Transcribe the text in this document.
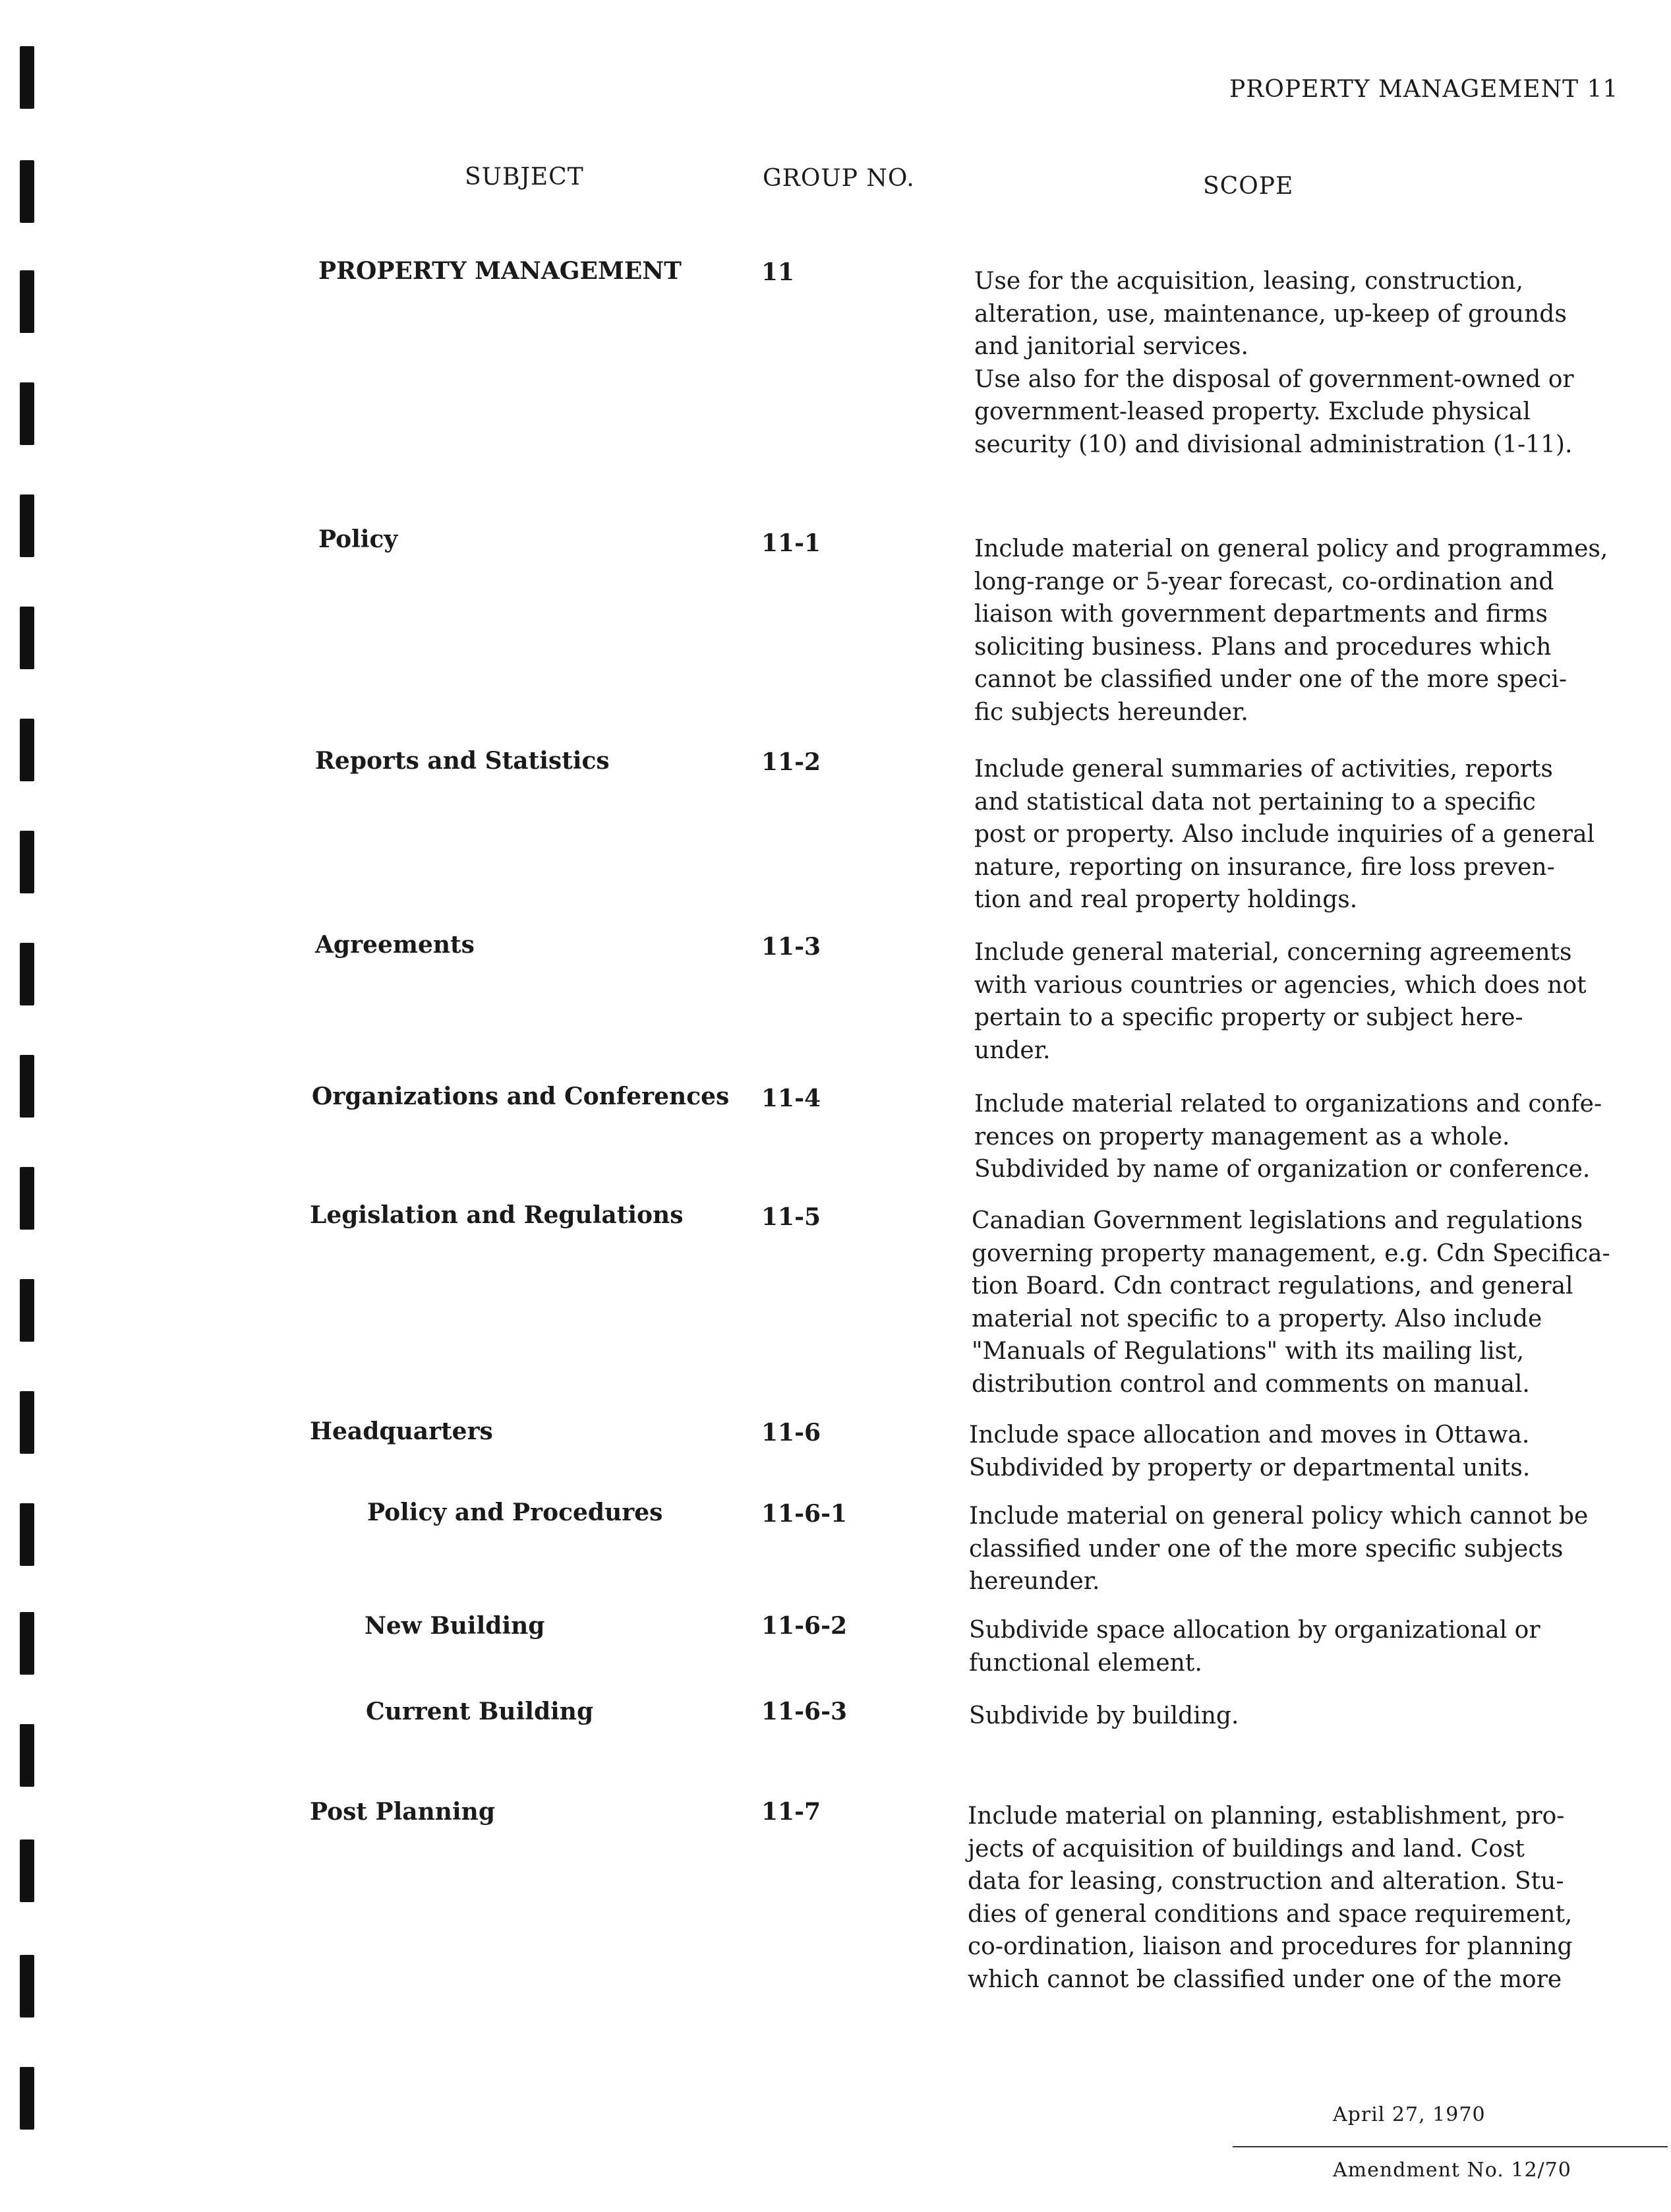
PROPERTY MANAGEMENT 11
SUBJECT	GROUP NO.	SCOPE
PROPERTY MANAGEMENT	11	Use for the acquisition, leasing, construction,
alteration, use, maintenance, up-keep of grounds
and janitorial services.
Use also for the disposal of government-owned or
government-leased property. Exclude physical
security (10) and divisional administration (1-11).
Policy	11-1	Include material on general policy and programmes,
long-range or 5-year forecast, co-ordination and
liaison with government departments and firms
soliciting business. Plans and procedures which
cannot be classified under one of the more speci-
fic subjects hereunder.
Reports and Statistics	11-2	Include general summaries of activities, reports
and statistical data not pertaining to a specific
post or property. Also include inquiries of a general
nature, reporting on insurance, fire loss preven-
tion and real property holdings.
Agreements	11-3	Include general material, concerning agreements
with various countries or agencies, which does not
pertain to a specific property or subject here-
under.
Organizations and Conferences 11-4	Include material related to organizations and confe-
rences on property management as a whole.
Subdivided by name of organization or conference.
Legislation and Regulations	11-5	Canadian Government legislations and regulations
governing property management, e.g. Cdn Specifica-
tion Board. Cdn contract regulations, and general
material not specific to a property. Also include
"Manuals of Regulations" with its mailing list,
distribution control and comments on manual.
Headquarters	11-6	Include space allocation and moves in Ottawa.
Subdivided by property or departmental units.
Policy and Procedures	11-6-1	Include material on general policy which cannot be
classified under one of the more specific subjects
hereunder.
New Building	11-6-2	Subdivide space allocation by organizational or
functional element.
Current Building	11-6-3	Subdivide by building.
Post Planning	11-7	Include material on planning, establishment, pro-
jects of acquisition of buildings and land. Cost
data for leasing, construction and alteration. Stu-
dies of general conditions and space requirement,
co-ordination, liaison and procedures for planning
which cannot be classified under one of the more

April 27, 1970

Amendment No. 12/70
